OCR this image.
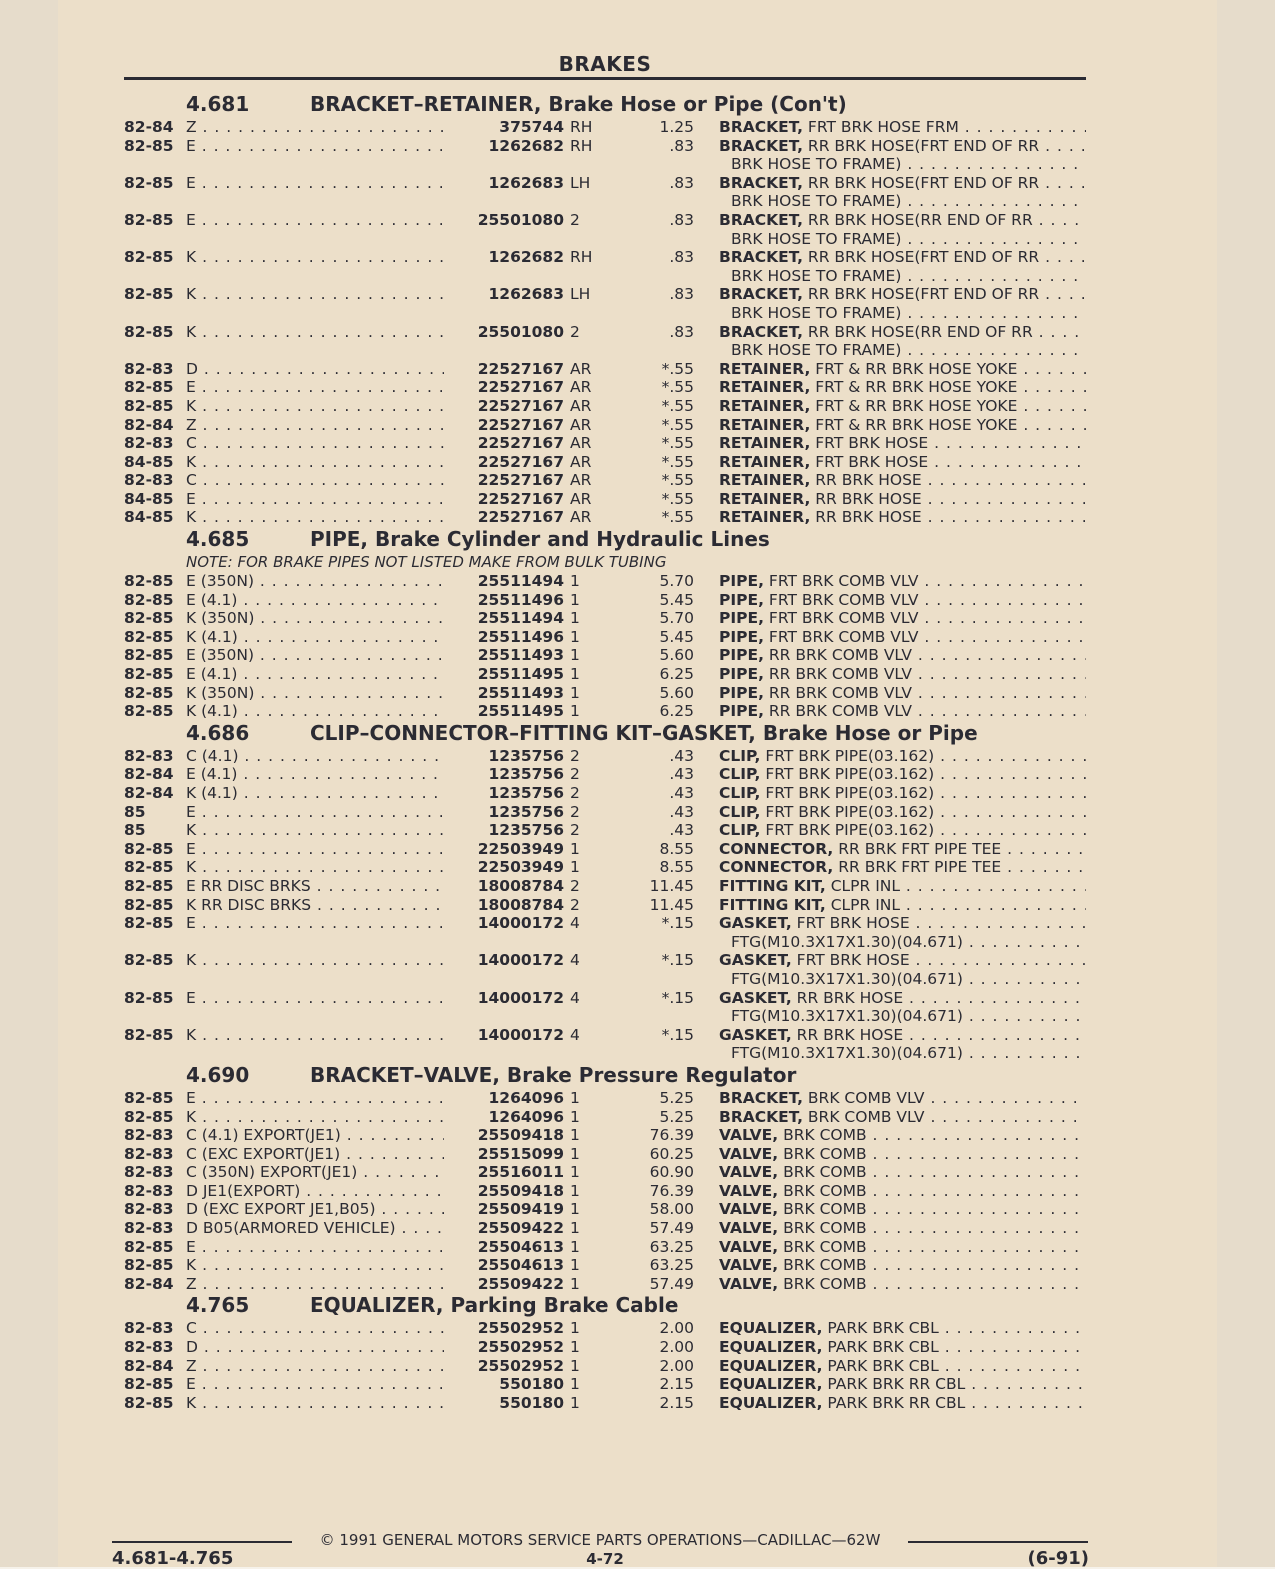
BRAKES
4.681	BRACKET–RETAINER, Brake Hose or Pipe (Con't)
82-84 Z . . .	375744 RH	1.25 BRACKET, FRT BRK HOSE FRM . . .
82-85 E . . .	1262682 RH	.83 BRACKET, RR BRK HOSE(FRT END OF RR . . .
BRK HOSE TO FRAME) . . .
82-85 E . . .	1262683 LH	.83 BRACKET, RR BRK HOSE(FRT END OF RR . . .
BRK HOSE TO FRAME) . . .
82-85 E . . .	25501080 2	.83 BRACKET, RR BRK HOSE(RR END OF RR . . .
BRK HOSE TO FRAME) . . .
82-85 K . . .	1262682 RH	.83 BRACKET, RR BRK HOSE(FRT END OF RR . . .
BRK HOSE TO FRAME) . . .
82-85 K . . .	1262683 LH	.83 BRACKET, RR BRK HOSE(FRT END OF RR . . .
BRK HOSE TO FRAME) . . .
82-85 K . . .	25501080 2	.83 BRACKET, RR BRK HOSE(RR END OF RR . . .
BRK HOSE TO FRAME) . . .
82-83 D . . .	22527167 AR	*.55 RETAINER, FRT & RR BRK HOSE YOKE . . .
82-85 E . . .	22527167 AR	*.55 RETAINER, FRT & RR BRK HOSE YOKE . . .
82-85 K . . .	22527167 AR	*.55 RETAINER, FRT & RR BRK HOSE YOKE . . .
82-84 Z . . .	22527167 AR	*.55 RETAINER, FRT & RR BRK HOSE YOKE . . .
82-83 C . . .	22527167 AR	*.55 RETAINER, FRT BRK HOSE . . .
84-85 K . . .	22527167 AR	*.55 RETAINER, FRT BRK HOSE . . .
82-83 C . . .	22527167 AR	*.55 RETAINER, RR BRK HOSE . . .
84-85 E . . .	22527167 AR	*.55 RETAINER, RR BRK HOSE . . .
84-85 K . . .	22527167 AR	*.55 RETAINER, RR BRK HOSE . . .
4.685	PIPE, Brake Cylinder and Hydraulic Lines
NOTE: FOR BRAKE PIPES NOT LISTED MAKE FROM BULK TUBING
82-85 E (350N) . . .	25511494 1	5.70 PIPE, FRT BRK COMB VLV . . .
82-85 E (4.1) . . .	25511496 1	5.45 PIPE, FRT BRK COMB VLV . . .
82-85 K (350N) . . .	25511494 1	5.70 PIPE, FRT BRK COMB VLV . . .
82-85 K (4.1) . . .	25511496 1	5.45 PIPE, FRT BRK COMB VLV . . .
82-85 E (350N) . . .	25511493 1	5.60 PIPE, RR BRK COMB VLV . . .
82-85 E (4.1) . . .	25511495 1	6.25 PIPE, RR BRK COMB VLV . . .
82-85 K (350N) . . .	25511493 1	5.60 PIPE, RR BRK COMB VLV . . .
82-85 K (4.1) . . .	25511495 1	6.25 PIPE, RR BRK COMB VLV . . .
4.686	CLIP–CONNECTOR–FITTING KIT–GASKET, Brake Hose or Pipe
82-83 C (4.1) . . .	1235756 2	.43 CLIP, FRT BRK PIPE(03.162) . . .
82-84 E (4.1) . . .	1235756 2	.43 CLIP, FRT BRK PIPE(03.162) . . .
82-84 K (4.1) . . .	1235756 2	.43 CLIP, FRT BRK PIPE(03.162) . . .
85	E . . .	1235756 2	.43 CLIP, FRT BRK PIPE(03.162) . . .
85	K . . .	1235756 2	.43 CLIP, FRT BRK PIPE(03.162) . . .
82-85 E . . .	22503949 1	8.55 CONNECTOR, RR BRK FRT PIPE TEE . . .
82-85 K . . .	22503949 1	8.55 CONNECTOR, RR BRK FRT PIPE TEE . . .
82-85 E RR DISC BRKS . . .	18008784 2	11.45 FITTING KIT, CLPR INL . . .
82-85 K RR DISC BRKS . . .	18008784 2	11.45 FITTING KIT, CLPR INL . . .
82-85 E . . .	14000172 4	*.15 GASKET, FRT BRK HOSE . . .
FTG(M10.3X17X1.30)(04.671) . . .
82-85 K . . .	14000172 4	*.15 GASKET, FRT BRK HOSE . . .
FTG(M10.3X17X1.30)(04.671) . . .
82-85 E . . .	14000172 4	*.15 GASKET, RR BRK HOSE . . .
FTG(M10.3X17X1.30)(04.671) . . .
82-85 K . . .	14000172 4	*.15 GASKET, RR BRK HOSE . . .
FTG(M10.3X17X1.30)(04.671) . . .
4.690	BRACKET–VALVE, Brake Pressure Regulator
82-85 E . . .	1264096 1	5.25 BRACKET, BRK COMB VLV . . .
82-85 K . . .	1264096 1	5.25 BRACKET, BRK COMB VLV . . .
82-83 C (4.1) EXPORT(JE1) . . .	25509418 1	76.39 VALVE, BRK COMB . . .
82-83 C (EXC EXPORT(JE1) . . .	25515099 1	60.25 VALVE, BRK COMB . . .
82-83 C (350N) EXPORT(JE1) . . .	25516011 1	60.90 VALVE, BRK COMB . . .
82-83 D JE1(EXPORT) . . .	25509418 1	76.39 VALVE, BRK COMB . . .
82-83 D (EXC EXPORT JE1,B05) . . .	25509419 1	58.00 VALVE, BRK COMB . . .
82-83 D B05(ARMORED VEHICLE) . . .	25509422 1	57.49 VALVE, BRK COMB . . .
82-85 E . . .	25504613 1	63.25 VALVE, BRK COMB . . .
82-85 K . . .	25504613 1	63.25 VALVE, BRK COMB . . .
82-84 Z . . .	25509422 1	57.49 VALVE, BRK COMB . . .
4.765	EQUALIZER, Parking Brake Cable
82-83 C . . .	25502952 1	2.00 EQUALIZER, PARK BRK CBL . . .
82-83 D . . .	25502952 1	2.00 EQUALIZER, PARK BRK CBL . . .
82-84 Z . . .	25502952 1	2.00 EQUALIZER, PARK BRK CBL . . .
82-85 E . . .	550180 1	2.15 EQUALIZER, PARK BRK RR CBL . . .
82-85 K . . .	550180 1	2.15 EQUALIZER, PARK BRK RR CBL . . .
© 1991 GENERAL MOTORS SERVICE PARTS OPERATIONS—CADILLAC—62W
4.681-4.765	4-72	(6-91)
